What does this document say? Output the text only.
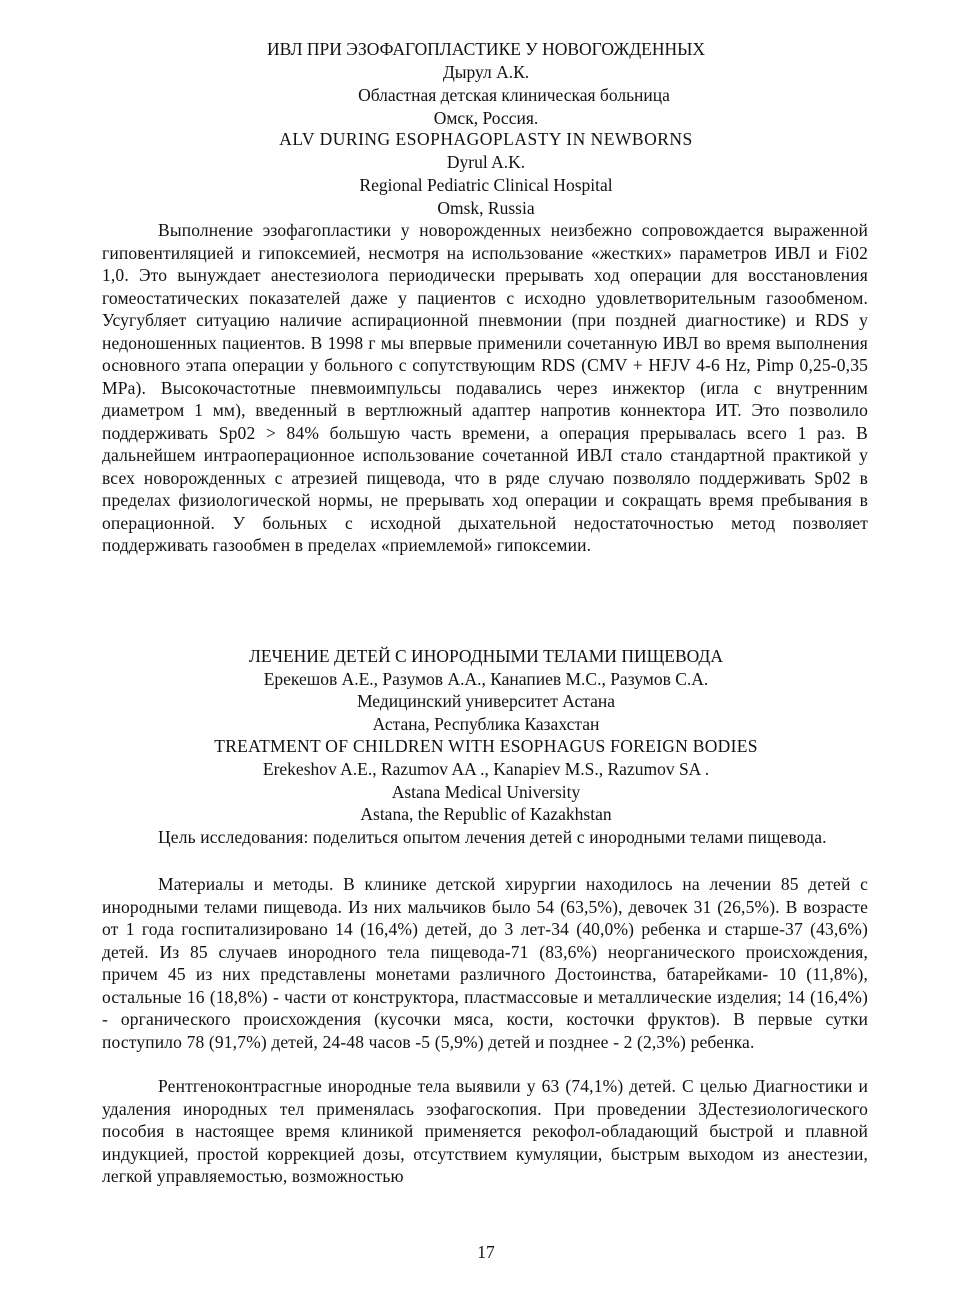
ИВЛ ПРИ ЭЗОФАГОПЛАСТИКЕ У НОВОГОЖДЕННЫХ
Дырул А.К.
Областная детская клиническая больница
Омск, Россия.
ALV DURING ESOPHAGOPLASTY IN NEWBORNS
Dyrul A.K.
Regional Pediatric Clinical Hospital
Omsk, Russia
Выполнение эзофагопластики у новорожденных неизбежно сопровождается выраженной гиповентиляцией и гипоксемией, несмотря на использование «жестких» параметров ИВЛ и Fi02 1,0. Это вынуждает анестезиолога периодически прерывать ход операции для восстановления гомеостатических показателей даже у пациентов с исходно удовлетворительным газообменом. Усугубляет ситуацию наличие аспирационной пневмонии (при поздней диагностике) и RDS у недоношенных пациентов. В 1998 г мы впервые применили сочетанную ИВЛ во время выполнения основного этапа операции у больного с сопутствующим RDS (CMV + HFJV 4-6 Hz, Pimp 0,25-0,35 MPa). Высокочастотные пневмоимпульсы подавались через инжектор (игла с внутренним диаметром 1 мм), введенный в вертлюжный адаптер напротив коннектора ИТ. Это позволило поддерживать Sp02 > 84% большую часть времени, а операция прерывалась всего 1 раз. В дальнейшем интраоперационное использование сочетанной ИВЛ стало стандартной практикой у всех новорожденных с атрезией пищевода, что в ряде случаю позволяло поддерживать Sp02 в пределах физиологической нормы, не прерывать ход операции и сокращать время пребывания в операционной. У больных с исходной дыхательной недостаточностью метод позволяет поддерживать газообмен в пределах «приемлемой» гипоксемии.
ЛЕЧЕНИЕ ДЕТЕЙ С ИНОРОДНЫМИ ТЕЛАМИ ПИЩЕВОДА
Ерекешов А.Е., Разумов А.А., Канапиев М.С., Разумов С.А.
Медицинский университет Астана
Астана, Республика Казахстан
TREATMENT OF CHILDREN WITH ESOPHAGUS FOREIGN BODIES
Erekeshov A.E., Razumov AA ., Kanapiev M.S., Razumov SA .
Astana Medical University
Astana, the Republic of Kazakhstan
Цель исследования: поделиться опытом лечения детей с инородными телами пищевода.
Материалы и методы. В клинике детской хирургии находилось на лечении 85 детей с инородными телами пищевода. Из них мальчиков было 54 (63,5%), девочек 31 (26,5%). В возрасте от 1 года госпитализировано 14 (16,4%) детей, до 3 лет-34 (40,0%) ребенка и старше-37 (43,6%) детей. Из 85 случаев инородного тела пищевода-71 (83,6%) неорганического происхождения, причем 45 из них представлены монетами различного Достоинства, батарейками- 10 (11,8%), остальные 16 (18,8%) - части от конструктора, пластмассовые и металлические изделия; 14 (16,4%) - органического происхождения (кусочки мяса, кости, косточки фруктов). В первые сутки поступило 78 (91,7%) детей, 24-48 часов -5 (5,9%) детей и позднее - 2 (2,3%) ребенка.
Рентгеноконтрасгные инородные тела выявили у 63 (74,1%) детей. С целью Диагностики и удаления инородных тел применялась эзофагоскопия. При проведении ЗДестезиологического пособия в настоящее время клиникой применяется рекофол-обладающий быстрой и плавной индукцией, простой коррекцией дозы, отсутствием кумуляции, быстрым выходом из анестезии, легкой управляемостью, возможностью
17
